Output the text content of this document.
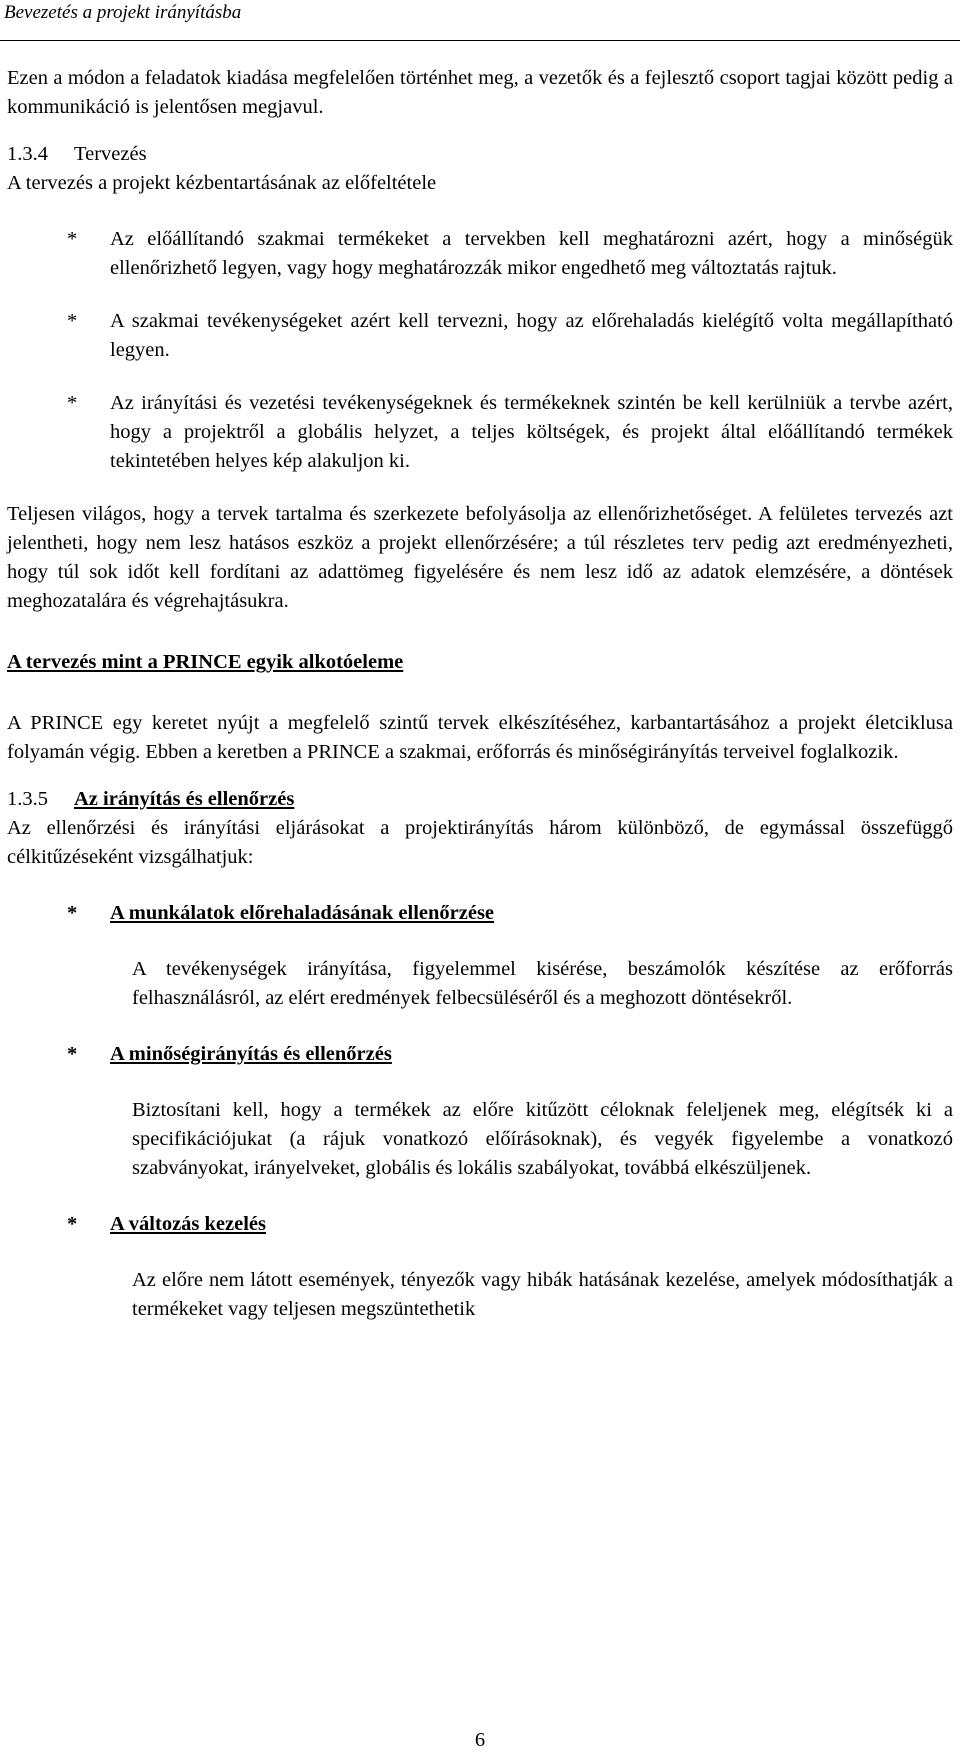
Bevezetés a projekt irányításba

Ezen a módon a feladatok kiadása megfelelően történhet meg, a vezetők és a fejlesztő csoport tagjai között pedig a kommunikáció is jelentősen megjavul.

1.3.4 Tervezés
A tervezés a projekt kézbentartásának az előfeltétele
* Az előállítandó szakmai termékeket a tervekben kell meghatározni azért, hogy a minőségük ellenőrizhető legyen, vagy hogy meghatározzák mikor engedhető meg változtatás rajtuk.
* A szakmai tevékenységeket azért kell tervezni, hogy az előrehaladás kielégítő volta megállapítható legyen.
* Az irányítási és vezetési tevékenységeknek és termékeknek szintén be kell kerülniük a tervbe azért, hogy a projektről a globális helyzet, a teljes költségek, és projekt által előállítandó termékek tekintetében helyes kép alakuljon ki.

Teljesen világos, hogy a tervek tartalma és szerkezete befolyásolja az ellenőrizhetőséget. A felületes tervezés azt jelentheti, hogy nem lesz hatásos eszköz a projekt ellenőrzésére; a túl részletes terv pedig azt eredményezheti, hogy túl sok időt kell fordítani az adattömeg figyelésére és nem lesz idő az adatok elemzésére, a döntések meghozatalára és végrehajtásukra.

A tervezés mint a PRINCE egyik alkotóeleme

A PRINCE egy keretet nyújt a megfelelő szintű tervek elkészítéséhez, karbantartásához a projekt életciklusa folyamán végig. Ebben a keretben a PRINCE a szakmai, erőforrás és minőségirányítás terveivel foglalkozik.

1.3.5 Az irányítás és ellenőrzés

Az ellenőrzési és irányítási eljárásokat a projektirányítás három különböző, de egymással összefüggő célkitűzéseként vizsgálhatjuk:

* A munkálatok előrehaladásának ellenőrzése

A tevékenységek irányítása, figyelemmel kisérése, beszámolók készítése az erőforrás felhasználásról, az elért eredmények felbecsüléséről és a meghozott döntésekről.

* A minőségirányítás és ellenőrzés

Biztosítani kell, hogy a termékek az előre kitűzött céloknak feleljenek meg, elégítsék ki a specifikációjukat (a rájuk vonatkozó előírásoknak), és vegyék figyelembe a vonatkozó szabványokat, irányelveket, globális és lokális szabályokat, továbbá elkészüljenek.

* A változás kezelés

Az előre nem látott események, tényezők vagy hibák hatásának kezelése, amelyek módosíthatják a termékeket vagy teljesen megszüntethetik

6
